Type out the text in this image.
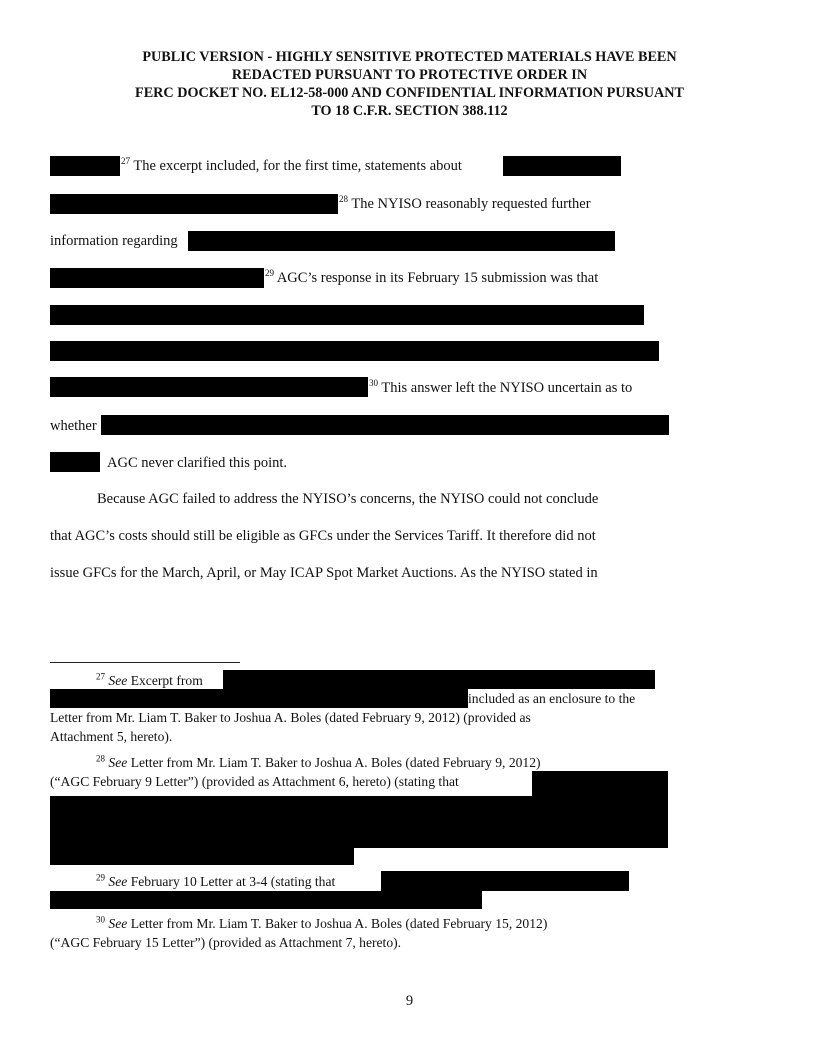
PUBLIC VERSION - HIGHLY SENSITIVE PROTECTED MATERIALS HAVE BEEN
REDACTED PURSUANT TO PROTECTIVE ORDER IN
FERC DOCKET NO. EL12-58-000 AND CONFIDENTIAL INFORMATION PURSUANT
TO 18 C.F.R. SECTION 388.112
$^{27}$ The excerpt included, for the first time, statements about
$^{28}$ The NYISO reasonably requested further
information regarding
$^{29}$ AGC’s response in its February 15 submission was that
$^{30}$ This answer left the NYISO uncertain as to
whether
AGC never clarified this point.
Because AGC failed to address the NYISO’s concerns, the NYISO could not conclude
that AGC’s costs should still be eligible as GFCs under the Services Tariff. It therefore did not
issue GFCs for the March, April, or May ICAP Spot Market Auctions. As the NYISO stated in
$^{27}$ See Excerpt from
included as an enclosure to the
Letter from Mr. Liam T. Baker to Joshua A. Boles (dated February 9, 2012) (provided as
Attachment 5, hereto).
$^{28}$ See Letter from Mr. Liam T. Baker to Joshua A. Boles (dated February 9, 2012)
(“AGC February 9 Letter”) (provided as Attachment 6, hereto) (stating that
$^{29}$ See February 10 Letter at 3-4 (stating that
$^{30}$ See Letter from Mr. Liam T. Baker to Joshua A. Boles (dated February 15, 2012)
(“AGC February 15 Letter”) (provided as Attachment 7, hereto).
9
